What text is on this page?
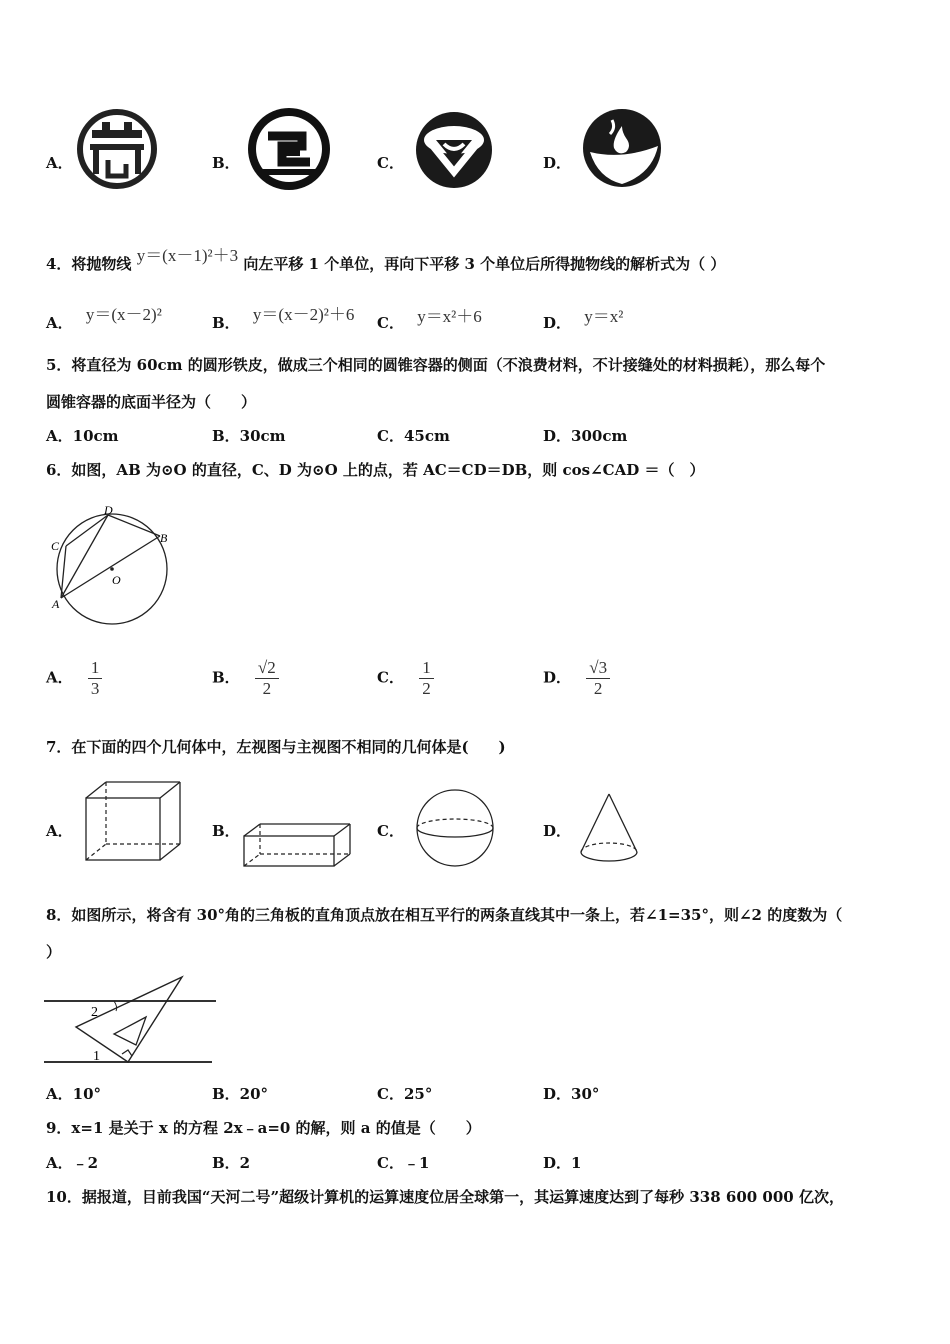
A．	B．	C．	D．
4．将抛物线 y＝(x－1)²＋3 向左平移 1 个单位，再向下平移 3 个单位后所得抛物线的解析式为（ ）
A． y＝(x－2)²	B． y＝(x－2)²＋6 C． y＝x²＋6	D． y＝x²
5．将直径为 60cm 的圆形铁皮，做成三个相同的圆锥容器的侧面（不浪费材料，不计接缝处的材料损耗），那么每个
圆锥容器的底面半径为（　　）
A．10cm	B．30cm	C．45cm	D．300cm
6．如图，AB 为⊙O 的直径，C、D 为⊙O 上的点，若 AC＝CD＝DB，则 cos∠CAD ＝（　）
A
C
D
B
O
A． $\frac{1}{3}$	B． $\frac{√2}{2}$	C． $\frac{1}{2}$	D． $\frac{√3}{2}$
7．在下面的四个几何体中，左视图与主视图不相同的几何体是(　　)
A．	B．	C．	D．
8．如图所示，将含有 30°角的三角板的直角顶点放在相互平行的两条直线其中一条上，若∠1=35°，则∠2 的度数为（
）
2
1
A．10°	B．20°	C．25°	D．30°
9．x=1 是关于 x 的方程 2x﹣a=0 的解，则 a 的值是（　　）
A．﹣2	B．2	C．﹣1	D．1
10．据报道，目前我国“天河二号”超级计算机的运算速度位居全球第一，其运算速度达到了每秒 338 600 000 亿次，
